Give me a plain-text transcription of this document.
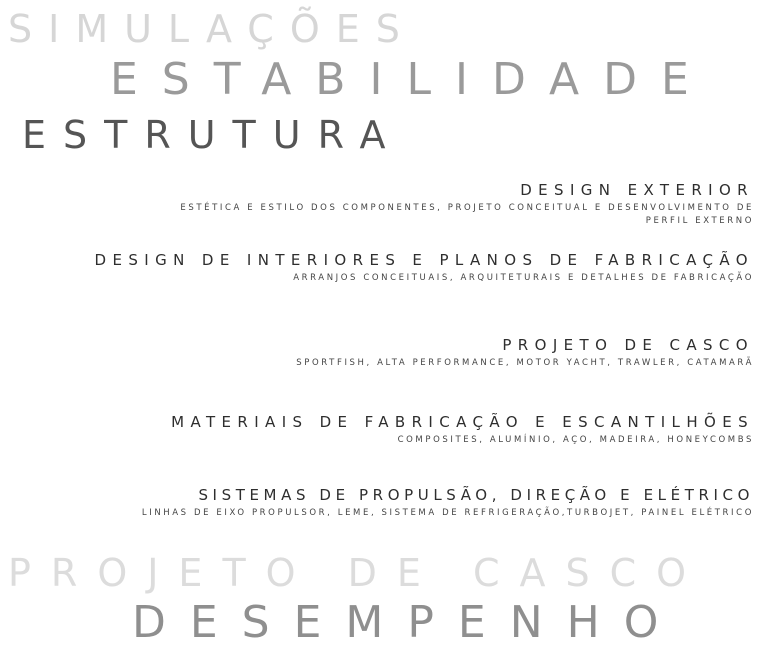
SIMULAÇÕES
ESTABILIDADE
ESTRUTURA
DESIGN EXTERIOR
ESTÉTICA E ESTILO DOS COMPONENTES, PROJETO CONCEITUAL E DESENVOLVIMENTO DE PERFIL EXTERNO
DESIGN DE INTERIORES E PLANOS DE FABRICAÇÃO
ARRANJOS CONCEITUAIS, ARQUITETURAIS E DETALHES DE FABRICAÇÃO
PROJETO DE CASCO
SPORTFISH, ALTA PERFORMANCE, MOTOR YACHT, TRAWLER, CATAMARÃ
MATERIAIS DE FABRICAÇÃO E ESCANTILHÕES
COMPOSITES, ALUMÍNIO, AÇO, MADEIRA, HONEYCOMBS
SISTEMAS DE PROPULSÃO, DIREÇÃO E ELÉTRICO
LINHAS DE EIXO PROPULSOR, LEME, SISTEMA DE REFRIGERAÇÃO,TURBOJET, PAINEL ELÉTRICO
PROJETO DE CASCO
DESEMPENHO
